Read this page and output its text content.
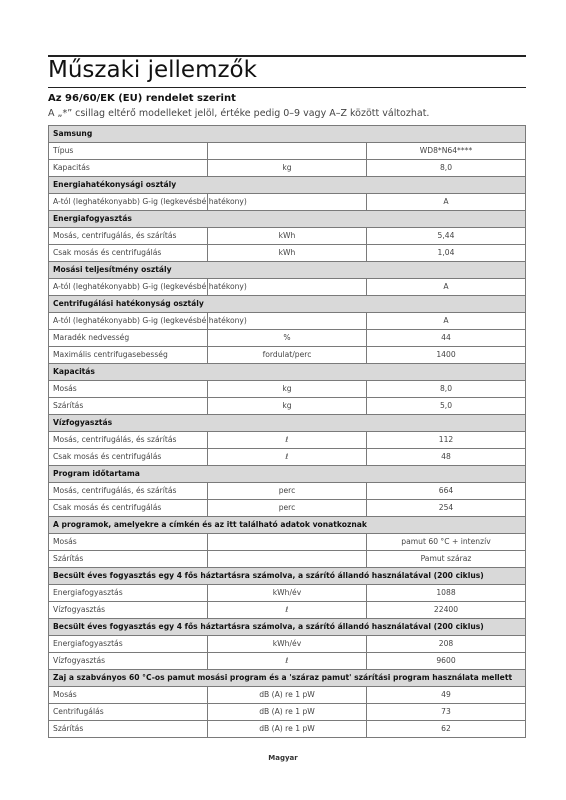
Műszaki jellemzők
Az 96/60/EK (EU) rendelet szerint
A „*” csillag eltérő modelleket jelöl, értéke pedig 0–9 vagy A–Z között változhat.
Samsung		
Típus		WD8*N64****
Kapacitás	kg	8,0
Energiahatékonysági osztály		
A-tól (leghatékonyabb) G-ig (legkevésbé hatékony)		A
Energiafogyasztás		
Mosás, centrifugálás, és szárítás	kWh	5,44
Csak mosás és centrifugálás	kWh	1,04
Mosási teljesítmény osztály		
A-tól (leghatékonyabb) G-ig (legkevésbé hatékony)		A
Centrifugálási hatékonyság osztály		
A-tól (leghatékonyabb) G-ig (legkevésbé hatékony)		A
Maradék nedvesség	%	44
Maximális centrifugasebesség	fordulat/perc	1400
Kapacitás		
Mosás	kg	8,0
Szárítás	kg	5,0
Vízfogyasztás		
Mosás, centrifugálás, és szárítás	ℓ	112
Csak mosás és centrifugálás	ℓ	48
Program időtartama		
Mosás, centrifugálás, és szárítás	perc	664
Csak mosás és centrifugálás	perc	254
A programok, amelyekre a címkén és az itt található adatok vonatkoznak		
Mosás		pamut 60 °C + intenzív
Szárítás		Pamut száraz
Becsült éves fogyasztás egy 4 fős háztartásra számolva, a szárító állandó használatával (200 ciklus)		
Energiafogyasztás	kWh/év	1088
Vízfogyasztás	ℓ	22400
Becsült éves fogyasztás egy 4 fős háztartásra számolva, a szárító állandó használatával (200 ciklus)		
Energiafogyasztás	kWh/év	208
Vízfogyasztás	ℓ	9600
Zaj a szabványos 60 °C-os pamut mosási program és a 'száraz pamut' szárítási program használata mellett		
Mosás	dB (A) re 1 pW	49
Centrifugálás	dB (A) re 1 pW	73
Szárítás	dB (A) re 1 pW	62
Magyar
